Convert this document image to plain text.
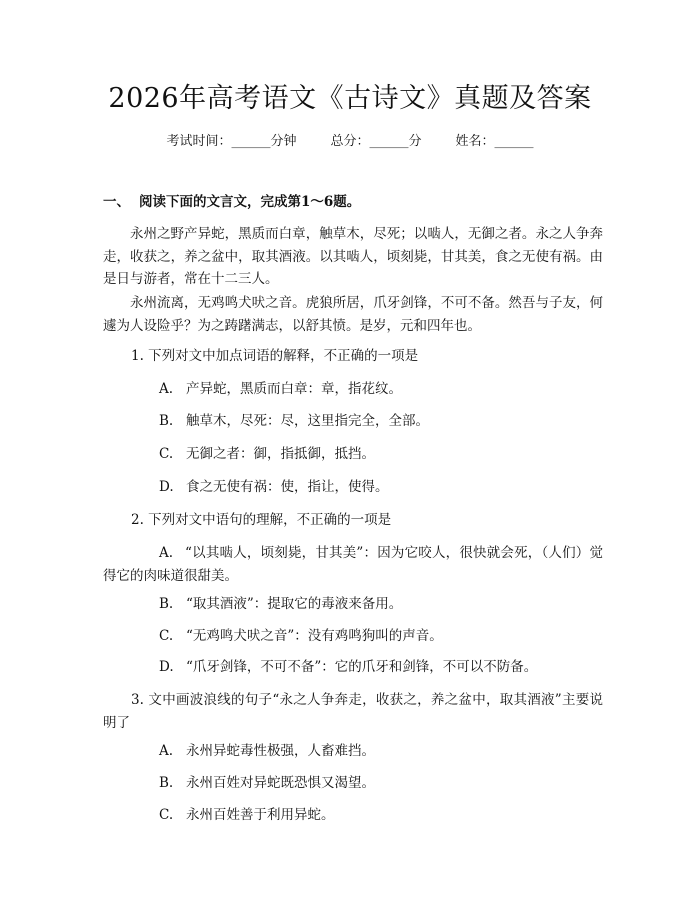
2026年高考语文《古诗文》真题及答案
考试时间：______分钟	总分：______分	姓名：______
一、 阅读下面的文言文，完成第1～6题。
永州之野产异蛇，黑质而白章，触草木，尽死；以啮人，无御之者。永之人争奔走，收获之，养之盆中，取其酒液。以其啮人，顷刻毙，甘其美，食之无使有祸。由是日与游者，常在十二三人。
永州流离，无鸡鸣犬吠之音。虎狼所居，爪牙剑锋，不可不备。然吾与子友，何遽为人设险乎？为之踌躇满志，以舒其愤。是岁，元和四年也。
1. 下列对文中加点词语的解释，不正确的一项是
A. 产异蛇，黑质而白章：章，指花纹。
B. 触草木，尽死：尽，这里指完全，全部。
C. 无御之者：御，指抵御，抵挡。
D. 食之无使有祸：使，指让，使得。
2. 下列对文中语句的理解，不正确的一项是
A. “以其啮人，顷刻毙，甘其美”：因为它咬人，很快就会死，（人们）觉得它的肉味道很甜美。
B. “取其酒液”：提取它的毒液来备用。
C. “无鸡鸣犬吠之音”：没有鸡鸣狗叫的声音。
D. “爪牙剑锋，不可不备”：它的爪牙和剑锋，不可以不防备。
3. 文中画波浪线的句子“永之人争奔走，收获之，养之盆中，取其酒液”主要说明了
A. 永州异蛇毒性极强，人畜难挡。
B. 永州百姓对异蛇既恐惧又渴望。
C. 永州百姓善于利用异蛇。
